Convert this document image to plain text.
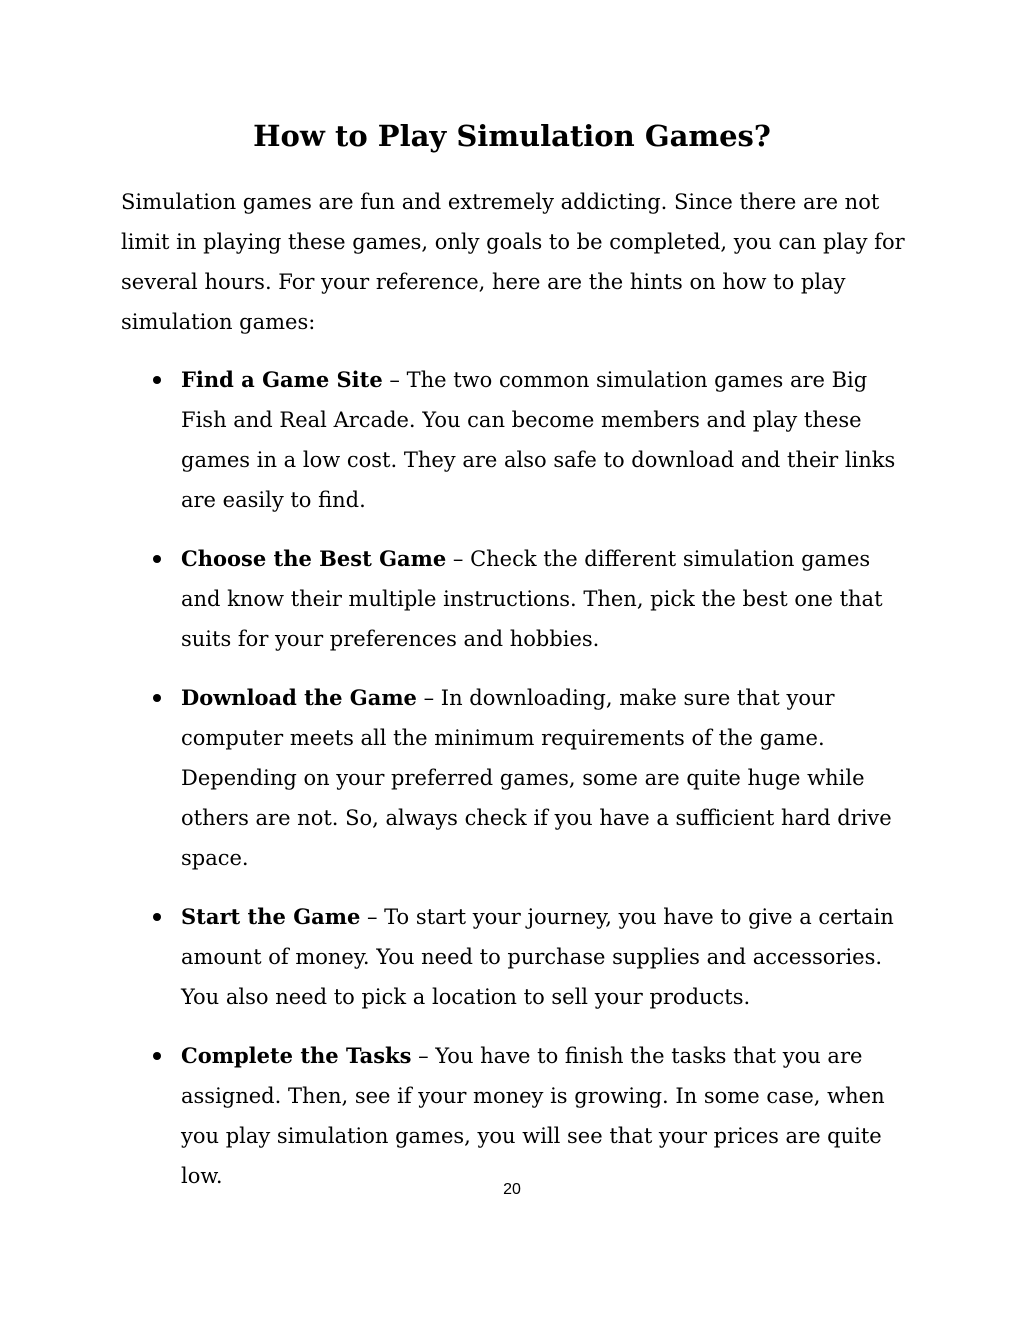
How to Play Simulation Games?

Simulation games are fun and extremely addicting. Since there are not limit in playing these games, only goals to be completed, you can play for several hours. For your reference, here are the hints on how to play simulation games:

Find a Game Site – The two common simulation games are Big Fish and Real Arcade. You can become members and play these games in a low cost. They are also safe to download and their links are easily to find.

Choose the Best Game – Check the different simulation games and know their multiple instructions. Then, pick the best one that suits for your preferences and hobbies.

Download the Game – In downloading, make sure that your computer meets all the minimum requirements of the game. Depending on your preferred games, some are quite huge while others are not. So, always check if you have a sufficient hard drive space.

Start the Game – To start your journey, you have to give a certain amount of money. You need to purchase supplies and accessories. You also need to pick a location to sell your products.

Complete the Tasks – You have to finish the tasks that you are assigned. Then, see if your money is growing. In some case, when you play simulation games, you will see that your prices are quite low.

20
